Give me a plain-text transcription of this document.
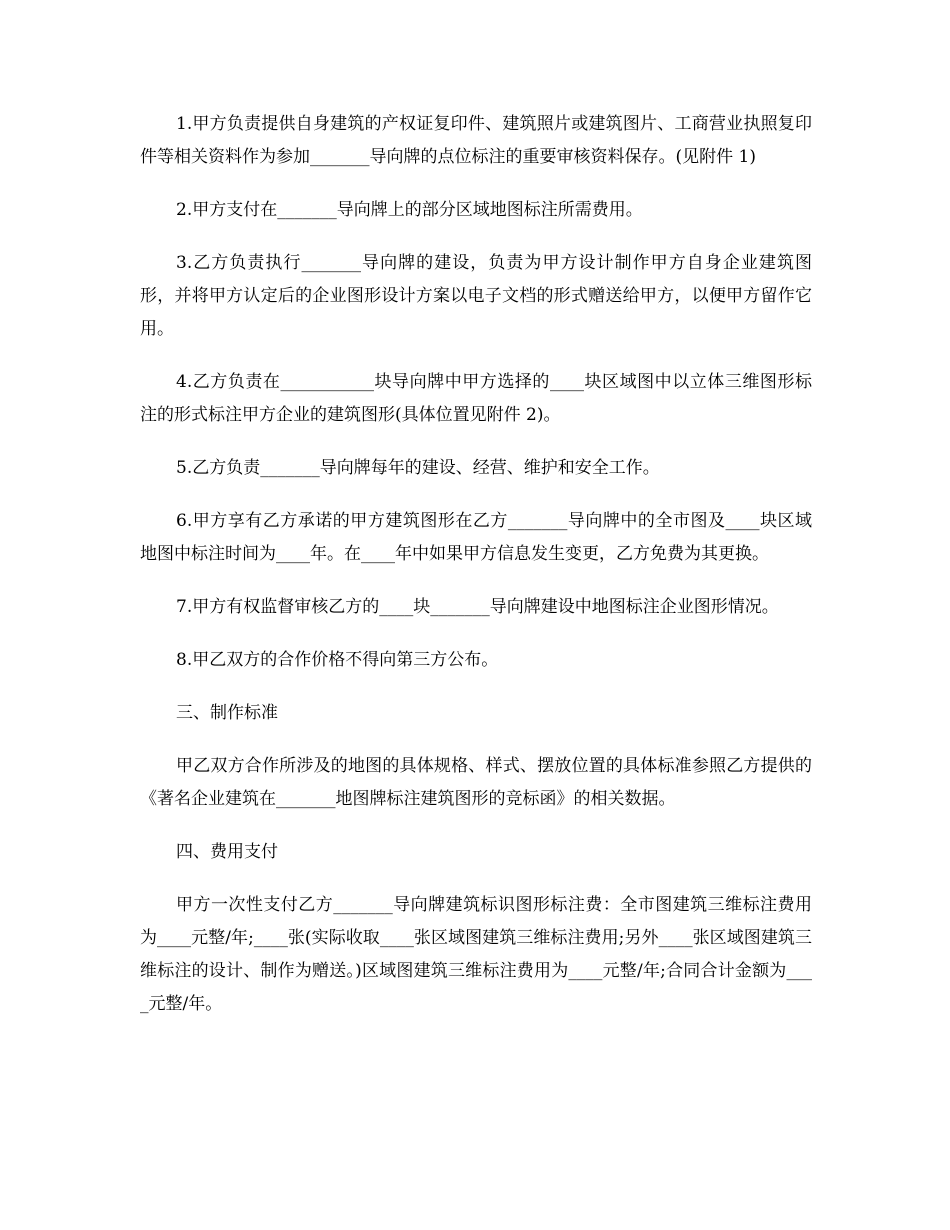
1.甲方负责提供自身建筑的产权证复印件、建筑照片或建筑图片、工商营业执照复印件等相关资料作为参加_______导向牌的点位标注的重要审核资料保存。(见附件 1)

2.甲方支付在_______导向牌上的部分区域地图标注所需费用。

3.乙方负责执行_______导向牌的建设，负责为甲方设计制作甲方自身企业建筑图形，并将甲方认定后的企业图形设计方案以电子文档的形式赠送给甲方，以便甲方留作它用。

4.乙方负责在___________块导向牌中甲方选择的____块区域图中以立体三维图形标注的形式标注甲方企业的建筑图形(具体位置见附件 2)。

5.乙方负责_______导向牌每年的建设、经营、维护和安全工作。

6.甲方享有乙方承诺的甲方建筑图形在乙方_______导向牌中的全市图及____块区域地图中标注时间为____年。在____年中如果甲方信息发生变更，乙方免费为其更换。

7.甲方有权监督审核乙方的____块_______导向牌建设中地图标注企业图形情况。

8.甲乙双方的合作价格不得向第三方公布。

三、制作标准

甲乙双方合作所涉及的地图的具体规格、样式、摆放位置的具体标准参照乙方提供的《著名企业建筑在_______地图牌标注建筑图形的竞标函》的相关数据。

四、费用支付

甲方一次性支付乙方_______导向牌建筑标识图形标注费：全市图建筑三维标注费用为____元整/年;____张(实际收取____张区域图建筑三维标注费用;另外____张区域图建筑三维标注的设计、制作为赠送。)区域图建筑三维标注费用为____元整/年;合同合计金额为____元整/年。
